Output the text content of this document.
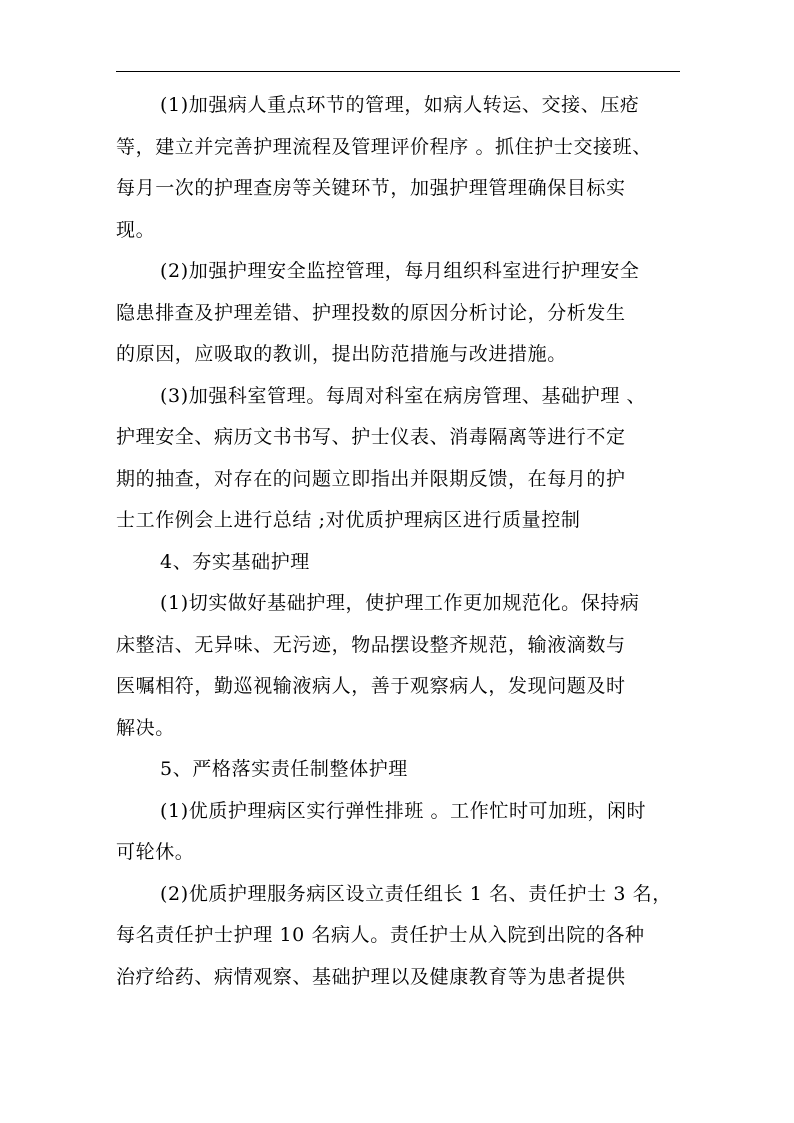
(1)加强病人重点环节的管理，如病人转运、交接、压疮
等，建立并完善护理流程及管理评价程序 。抓住护士交接班、
每月一次的护理查房等关键环节，加强护理管理确保目标实
现。
(2)加强护理安全监控管理，每月组织科室进行护理安全
隐患排查及护理差错、护理投数的原因分析讨论，分析发生
的原因，应吸取的教训，提出防范措施与改进措施。
(3)加强科室管理。每周对科室在病房管理、基础护理 、
护理安全、病历文书书写、护士仪表、消毒隔离等进行不定
期的抽查，对存在的问题立即指出并限期反馈，在每月的护
士工作例会上进行总结 ;对优质护理病区进行质量控制
4、夯实基础护理
(1)切实做好基础护理，使护理工作更加规范化。保持病
床整洁、无异味、无污迹，物品摆设整齐规范，输液滴数与
医嘱相符，勤巡视输液病人，善于观察病人，发现问题及时
解决。
5、严格落实责任制整体护理
(1)优质护理病区实行弹性排班 。工作忙时可加班，闲时
可轮休。
(2)优质护理服务病区设立责任组长 1 名、责任护士 3 名，
每名责任护士护理 10 名病人。责任护士从入院到出院的各种
治疗给药、病情观察、基础护理以及健康教育等为患者提供
